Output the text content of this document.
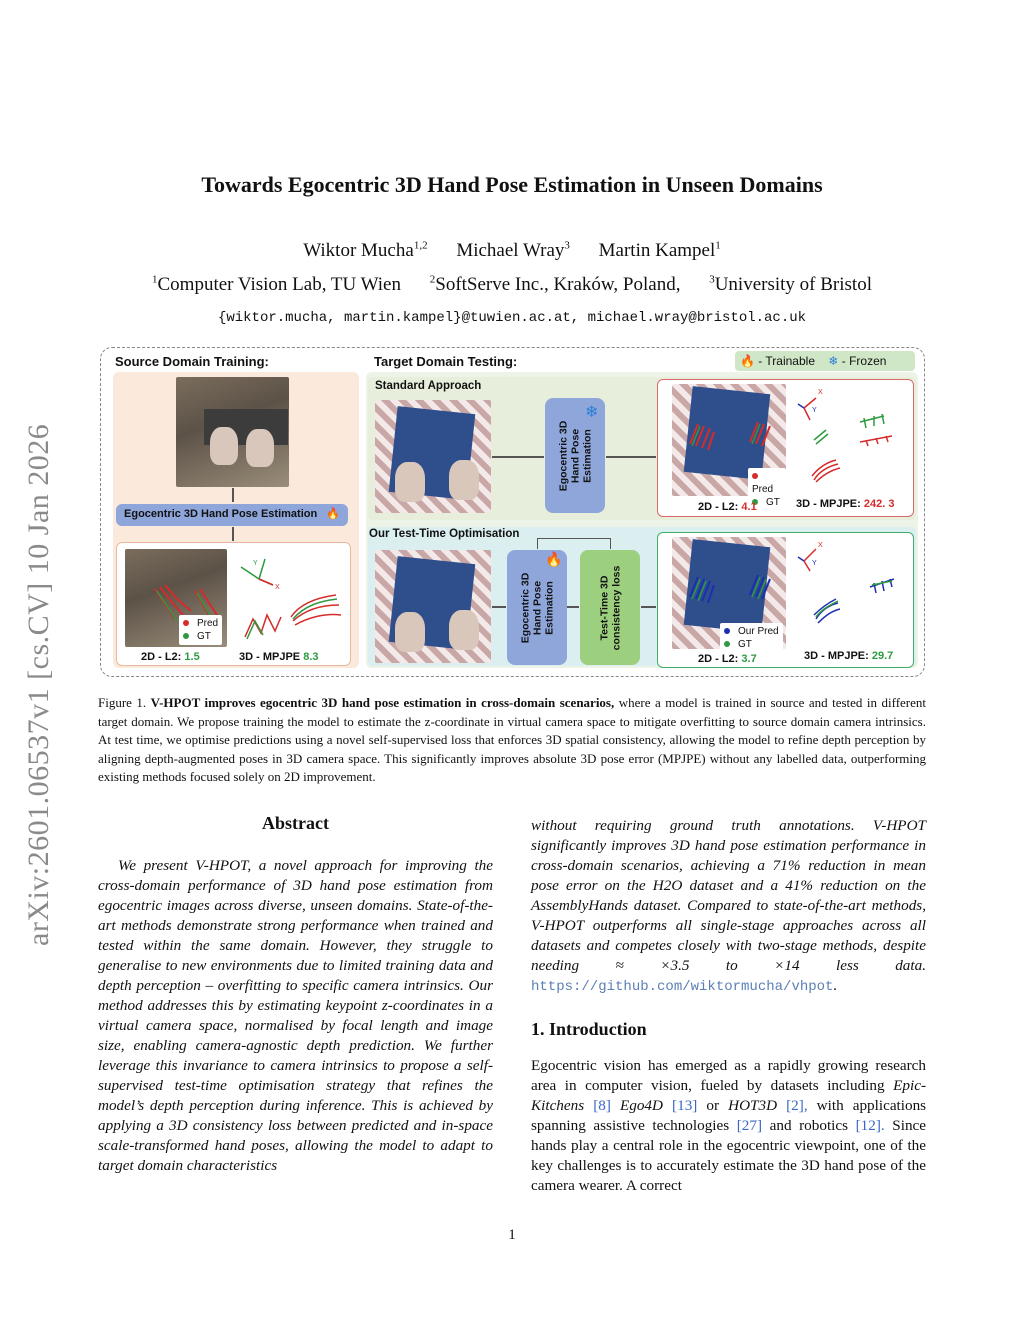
arXiv:2601.06537v1 [cs.CV] 10 Jan 2026
Towards Egocentric 3D Hand Pose Estimation in Unseen Domains
Wiktor Mucha$^{1,2}$ Michael Wray$^3$ Martin Kampel$^1$
$^1$Computer Vision Lab, TU Wien	$^2$SoftServe Inc., Kraków, Poland,	$^3$University of Bristol
{wiktor.mucha, martin.kampel}@tuwien.ac.at, michael.wray@bristol.ac.uk
Source Domain Training:	Target Domain Testing:	🔥 - Trainable ❄ - Frozen
Egocentric 3D Hand Pose Estimation 🔥
Pred
GT
Y
X
2D - L2: 1.5	3D - MPJPE 8.3
Standard Approach
Egocentric 3D
Hand Pose
Estimation
❄
Pred
GT
X
Y
2D - L2: 4.1	3D - MPJPE: 242. 3
Our Test-Time Optimisation
Egocentric 3D
Hand Pose
Estimation
🔥
Test-Time 3D
consistency loss	Our Pred
GT
X
Y
2D - L2: 3.7	3D - MPJPE: 29.7
Figure 1. V-HPOT improves egocentric 3D hand pose estimation in cross-domain scenarios, where a model is trained in source and tested in different target domain. We propose training the model to estimate the z-coordinate in virtual camera space to mitigate overfitting to source domain camera intrinsics. At test time, we optimise predictions using a novel self-supervised loss that enforces 3D spatial consistency, allowing the model to refine depth perception by aligning depth-augmented poses in 3D camera space. This significantly improves absolute 3D pose error (MPJPE) without any labelled data, outperforming existing methods focused solely on 2D improvement.
Abstract
We present V-HPOT, a novel approach for improving the cross-domain performance of 3D hand pose estimation from egocentric images across diverse, unseen domains. State-of-the-art methods demonstrate strong performance when trained and tested within the same domain. However, they struggle to generalise to new environments due to limited training data and depth perception – overfitting to specific camera intrinsics. Our method addresses this by estimating keypoint z-coordinates in a virtual camera space, normalised by focal length and image size, enabling camera-agnostic depth prediction. We further leverage this invariance to camera intrinsics to propose a self-supervised test-time optimisation strategy that refines the model’s depth perception during inference. This is achieved by applying a 3D consistency loss between predicted and in-space scale-transformed hand poses, allowing the model to adapt to target domain characteristics
without requiring ground truth annotations. V-HPOT significantly improves 3D hand pose estimation performance in cross-domain scenarios, achieving a 71% reduction in mean pose error on the H2O dataset and a 41% reduction on the AssemblyHands dataset. Compared to state-of-the-art methods, V-HPOT outperforms all single-stage approaches across all datasets and competes closely with two-stage methods, despite needing ≈ ×3.5 to ×14 less data. https://github.com/wiktormucha/vhpot.
1. Introduction
Egocentric vision has emerged as a rapidly growing research area in computer vision, fueled by datasets including Epic-Kitchens [8] Ego4D [13] or HOT3D [2], with applications spanning assistive technologies [27] and robotics [12]. Since hands play a central role in the egocentric viewpoint, one of the key challenges is to accurately estimate the 3D hand pose of the camera wearer. A correct
1
